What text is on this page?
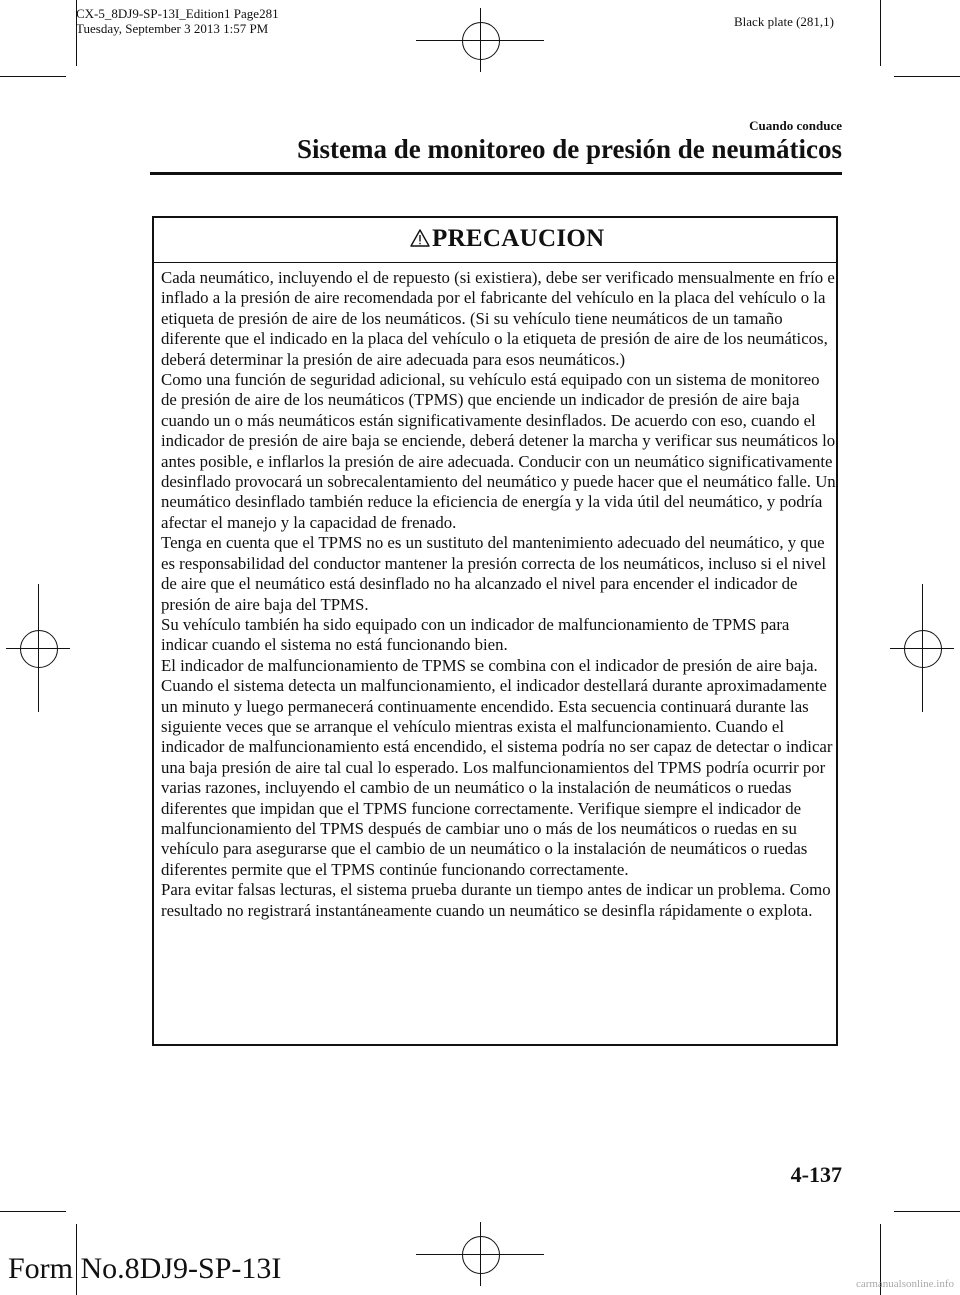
CX-5_8DJ9-SP-13I_Edition1 Page281
Tuesday, September 3 2013 1:57 PM	Black plate (281,1)
Cuando conduce
Sistema de monitoreo de presión de neumáticos
PRECAUCION

Cada neumático, incluyendo el de repuesto (si existiera), debe ser verificado mensualmente en frío e inflado a la presión de aire recomendada por el fabricante del vehículo en la placa del vehículo o la etiqueta de presión de aire de los neumáticos. (Si su vehículo tiene neumáticos de un tamaño diferente que el indicado en la placa del vehículo o la etiqueta de presión de aire de los neumáticos, deberá determinar la presión de aire adecuada para esos neumáticos.)

Como una función de seguridad adicional, su vehículo está equipado con un sistema de monitoreo de presión de aire de los neumáticos (TPMS) que enciende un indicador de presión de aire baja cuando un o más neumáticos están significativamente desinflados. De acuerdo con eso, cuando el indicador de presión de aire baja se enciende, deberá detener la marcha y verificar sus neumáticos lo antes posible, e inflarlos la presión de aire adecuada. Conducir con un neumático significativamente desinflado provocará un sobrecalentamiento del neumático y puede hacer que el neumático falle. Un neumático desinflado también reduce la eficiencia de energía y la vida útil del neumático, y podría afectar el manejo y la capacidad de frenado.

Tenga en cuenta que el TPMS no es un sustituto del mantenimiento adecuado del neumático, y que es responsabilidad del conductor mantener la presión correcta de los neumáticos, incluso si el nivel de aire que el neumático está desinflado no ha alcanzado el nivel para encender el indicador de presión de aire baja del TPMS.

Su vehículo también ha sido equipado con un indicador de malfuncionamiento de TPMS para indicar cuando el sistema no está funcionando bien.

El indicador de malfuncionamiento de TPMS se combina con el indicador de presión de aire baja. Cuando el sistema detecta un malfuncionamiento, el indicador destellará durante aproximadamente un minuto y luego permanecerá continuamente encendido. Esta secuencia continuará durante las siguiente veces que se arranque el vehículo mientras exista el malfuncionamiento. Cuando el indicador de malfuncionamiento está encendido, el sistema podría no ser capaz de detectar o indicar una baja presión de aire tal cual lo esperado. Los malfuncionamientos del TPMS podría ocurrir por varias razones, incluyendo el cambio de un neumático o la instalación de neumáticos o ruedas diferentes que impidan que el TPMS funcione correctamente. Verifique siempre el indicador de malfuncionamiento del TPMS después de cambiar uno o más de los neumáticos o ruedas en su vehículo para asegurarse que el cambio de un neumático o la instalación de neumáticos o ruedas diferentes permite que el TPMS continúe funcionando correctamente.

Para evitar falsas lecturas, el sistema prueba durante un tiempo antes de indicar un problema. Como resultado no registrará instantáneamente cuando un neumático se desinfla rápidamente o explota.

4-137
Form No.8DJ9-SP-13I	carmanualsonline.info
